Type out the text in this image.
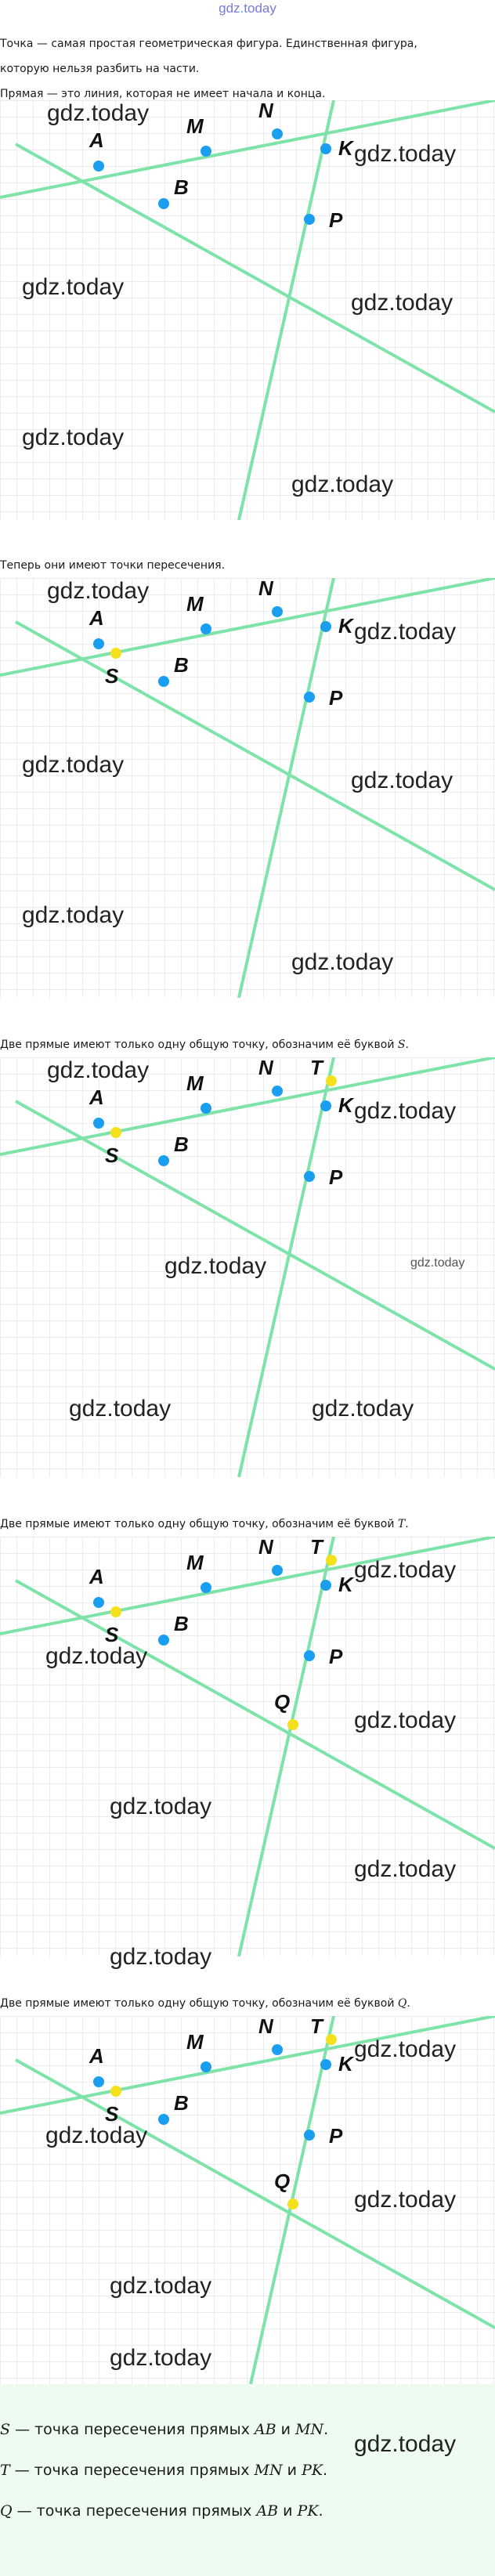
gdz.today
Точка — самая простая геометрическая фигура. Единственная фигура,
которую нельзя разбить на части.
Прямая — это линия, которая не имеет начала и конца.
A
M
N
K
B
P
gdz.today
gdz.today
gdz.today
gdz.today
gdz.today
gdz.today
Теперь они имеют точки пересечения.
A
M
N
K
B
P
S
gdz.today
gdz.today
gdz.today
gdz.today
gdz.today
gdz.today
Две прямые имеют только одну общую точку, обозначим её буквой S.
A
M
N
K
B
P
S
T
gdz.today
gdz.today
gdz.today	gdz.today
gdz.today	gdz.today
Две прямые имеют только одну общую точку, обозначим её буквой T.
A
M
N
K
B
P
S
T
Q
gdz.today
gdz.today
gdz.today
gdz.today
gdz.today
gdz.today
Две прямые имеют только одну общую точку, обозначим её буквой Q.
A
M
N
K
B
P
S
T
Q
gdz.today
gdz.today
gdz.today
gdz.today
gdz.today
S — точка пересечения прямых AB и MN.
T — точка пересечения прямых MN и PK.
Q — точка пересечения прямых AB и PK.
gdz.today
